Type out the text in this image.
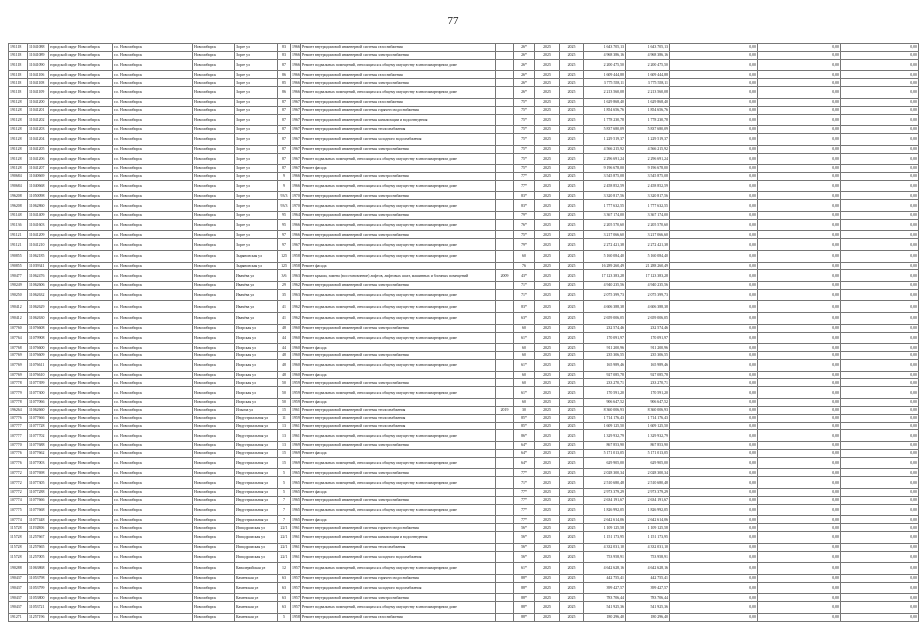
77
191118	11041088	городской округ Новосибирск	г.о. Новосибирск	Новосибирск	Зорге ул	83	1966	Ремонт внутридомовой инженерной системы газоснабжения		26*	2025	2025	1 643 705,13	1 643 705,13	0,00	0,00	0,00
191118	11041089	городской округ Новосибирск	г.о. Новосибирск	Новосибирск	Зорге ул	83	1966	Ремонт внутридомовой инженерной системы электроснабжения		26*	2025	2025	4 968 386,16	4 968 386,16	0,00	0,00	0,00
191118	11041090	городской округ Новосибирск	г.о. Новосибирск	Новосибирск	Зорге ул	87	1966	Ремонт подвальных помещений, относящихся к общему имуществу в многоквартирном доме		26*	2025	2025	2 200 475,50	2 200 475,50	0,00	0,00	0,00
191118	11041106	городской округ Новосибирск	г.о. Новосибирск	Новосибирск	Зорге ул	86	1966	Ремонт внутридомовой инженерной системы газоснабжения		26*	2025	2025	1 609 444,88	1 609 444,88	0,00	0,00	0,00
191118	11041108	городской округ Новосибирск	г.о. Новосибирск	Новосибирск	Зорге ул	85	1966	Ремонт внутридомовой инженерной системы электроснабжения		26*	2025	2025	3 775 558,11	3 775 558,11	0,00	0,00	0,00
191118	11041109	городской округ Новосибирск	г.о. Новосибирск	Новосибирск	Зорге ул	86	1966	Ремонт подвальных помещений, относящихся к общему имуществу в многоквартирном доме		26*	2025	2025	2 213 560,08	2 213 560,08	0,00	0,00	0,00
191128	11041200	городской округ Новосибирск	г.о. Новосибирск	Новосибирск	Зорге ул	87	1967	Ремонт внутридомовой инженерной системы газоснабжения		75*	2025	2025	1 629 868,40	1 629 868,40	0,00	0,00	0,00
191128	11041201	городской округ Новосибирск	г.о. Новосибирск	Новосибирск	Зорге ул	87	1967	Ремонт внутридомовой инженерной системы горячего водоснабжения		75*	2025	2025	1 854 656,76	1 854 656,76	0,00	0,00	0,00
191128	11041202	городской округ Новосибирск	г.о. Новосибирск	Новосибирск	Зорге ул	87	1967	Ремонт внутридомовой инженерной системы канализации и водоотведения		75*	2025	2025	1 778 230,78	1 778 230,78	0,00	0,00	0,00
191128	11041203	городской округ Новосибирск	г.о. Новосибирск	Новосибирск	Зорге ул	87	1967	Ремонт внутридомовой инженерной системы теплоснабжения		75*	2025	2025	5 837 680,09	5 837 680,09	0,00	0,00	0,00
191128	11041204	городской округ Новосибирск	г.о. Новосибирск	Новосибирск	Зорге ул	87	1967	Ремонт внутридомовой инженерной системы холодного водоснабжения		75*	2025	2025	1 229 519,37	1 229 519,37	0,00	0,00	0,00
191128	11041205	городской округ Новосибирск	г.о. Новосибирск	Новосибирск	Зорге ул	87	1967	Ремонт внутридомовой инженерной системы электроснабжения		75*	2025	2025	4 566 215,92	4 566 215,92	0,00	0,00	0,00
191128	11041206	городской округ Новосибирск	г.о. Новосибирск	Новосибирск	Зорге ул	87	1967	Ремонт подвальных помещений, относящихся к общему имуществу в многоквартирном доме		75*	2025	2025	2 296 691,24	2 296 691,24	0,00	0,00	0,00
191128	11041207	городской округ Новосибирск	г.о. Новосибирск	Новосибирск	Зорге ул	87	1967	Ремонт фасада		75*	2025	2025	9 196 678,00	9 196 678,00	0,00	0,00	0,00
190684	11040669	городской округ Новосибирск	г.о. Новосибирск	Новосибирск	Зорге ул	9	1966	Ремонт внутридомовой инженерной системы электроснабжения		77*	2025	2025	3 545 875,08	3 545 875,08	0,00	0,00	0,00
190684	11040668	городской округ Новосибирск	г.о. Новосибирск	Новосибирск	Зорге ул	9	1966	Ремонт подвальных помещений, относящихся к общему имуществу в многоквартирном доме		77*	2025	2025	2 458 852,59	2 458 852,59	0,00	0,00	0,00
196208	11050098	городской округ Новосибирск	г.о. Новосибирск	Новосибирск	Зорге ул	93/3	1970	Ремонт внутридомовой инженерной системы электроснабжения		83*	2025	2025	3 320 817,56	3 320 817,56	0,00	0,00	0,00
196208	11062860	городской округ Новосибирск	г.о. Новосибирск	Новосибирск	Зорге ул	93/3	1970	Ремонт подвальных помещений, относящихся к общему имуществу в многоквартирном доме		83*	2025	2025	1 777 632,55	1 777 632,55	0,00	0,00	0,00
191148	11041409	городской округ Новосибирск	г.о. Новосибирск	Новосибирск	Зорге ул	95	1964	Ремонт внутридомовой инженерной системы электроснабжения		79*	2025	2025	3 367 174,00	3 367 174,00	0,00	0,00	0,00
191136	11041603	городской округ Новосибирск	г.о. Новосибирск	Новосибирск	Зорге ул	95	1966	Ремонт подвальных помещений, относящихся к общему имуществу в многоквартирном доме		76*	2025	2025	2 205 570,60	2 205 570,60	0,00	0,00	0,00
191121	11041209	городской округ Новосибирск	г.о. Новосибирск	Новосибирск	Зорге ул	97	1966	Ремонт внутридомовой инженерной системы электроснабжения		75*	2025	2025	3 217 066,60	3 217 066,60	0,00	0,00	0,00
191121	11041210	городской округ Новосибирск	г.о. Новосибирск	Новосибирск	Зорге ул	97	1967	Ремонт подвальных помещений, относящихся к общему имуществу в многоквартирном доме		79*	2025	2025	2 272 421,38	2 272 421,38	0,00	0,00	0,00
190855	11062185	городской округ Новосибирск	г.о. Новосибирск	Новосибирск	Зыряновская ул	125	1958	Ремонт подвальных помещений, относящихся к общему имуществу в многоквартирном доме		60	2025	2025	5 160 084,40	5 160 084,40	0,00	0,00	0,00
190855	11039341	городской округ Новосибирск	г.о. Новосибирск	Новосибирск	Зыряновская ул	125	1958	Ремонт фасада		76	2025	2025	16 289 260,49	21 288 260,49	0,00	0,00	0,00
190477	11062476	городской округ Новосибирск	г.о. Новосибирск	Новосибирск	Ивачёва ул	3/6	1963	Ремонт крыши, замена (восстановление) лифтов, лифтовых шахт, машинных и блочных помещений	2009	43*	2025	2025	17 123 383,28	17 123 383,28	0,00	0,00	0,00
190249	11062606	городской округ Новосибирск	г.о. Новосибирск	Новосибирск	Ивачёва ул	29	1962	Ремонт внутридомовой инженерной системы электроснабжения		71*	2025	2025	4 940 235,56	4 940 235,56	0,00	0,00	0,00
190250	11062632	городской округ Новосибирск	г.о. Новосибирск	Новосибирск	Ивачёва ул	35	1963	Ремонт подвальных помещений, относящихся к общему имуществу в многоквартирном доме		71*	2025	2025	2 075 399,73	2 075 399,73	0,00	0,00	0,00
190412	11062629	городской округ Новосибирск	г.о. Новосибирск	Новосибирск	Ивачёва ул	41	1962	Ремонт подвальных помещений, относящихся к общему имуществу в многоквартирном доме		83*	2025	2025	4 606 388,38	4 606 388,38	0,00	0,00	0,00
190412	11062630	городской округ Новосибирск	г.о. Новосибирск	Новосибирск	Ивачёва ул	41	1962	Ремонт подвальных помещений, относящихся к общему имуществу в многоквартирном доме		63*	2025	2025	2 659 006,05	2 659 006,05	0,00	0,00	0,00
107760	11076608	городской округ Новосибирск	г.о. Новосибирск	Новосибирск	Игарская ул	48	1960	Ремонт внутридомовой инженерной системы электроснабжения		60	2025	2025	232 574,46	232 574,46	0,00	0,00	0,00
107764	11079908	городской округ Новосибирск	г.о. Новосибирск	Новосибирск	Игарская ул	44	1960	Ремонт подвальных помещений, относящихся к общему имуществу в многоквартирном доме		61*	2025	2025	170 091,97	170 091,97	0,00	0,00	0,00
107768	11076600	городской округ Новосибирск	г.о. Новосибирск	Новосибирск	Игарская ул	44	1960	Ремонт фасада		60	2025	2025	911 200,96	911 200,96	0,00	0,00	0,00
107769	11076609	городской округ Новосибирск	г.о. Новосибирск	Новосибирск	Игарская ул	48	1960	Ремонт внутридомовой инженерной системы электроснабжения		60	2025	2025	235 306,55	235 306,55	0,00	0,00	0,00
107769	11076611	городской округ Новосибирск	г.о. Новосибирск	Новосибирск	Игарская ул	48	1960	Ремонт подвальных помещений, относящихся к общему имуществу в многоквартирном доме		61*	2025	2025	165 989,46	165 989,46	0,00	0,00	0,00
107769	11076610	городской округ Новосибирск	г.о. Новосибирск	Новосибирск	Игарская ул	48	1960	Ремонт фасада		60	2025	2025	927 085,78	927 085,78	0,00	0,00	0,00
107778	11077399	городской округ Новосибирск	г.о. Новосибирск	Новосибирск	Игарская ул	50	1959	Ремонт внутридомовой инженерной системы электроснабжения		60	2025	2025	233 270,71	233 270,71	0,00	0,00	0,00
107779	11077300	городской округ Новосибирск	г.о. Новосибирск	Новосибирск	Игарская ул	50	1959	Ремонт подвальных помещений, относящихся к общему имуществу в многоквартирном доме		61*	2025	2025	170 591,20	170 591,20	0,00	0,00	0,00
107778	11077066	городской округ Новосибирск	г.о. Новосибирск	Новосибирск	Игарская ул	50	1959	Ремонт фасада		60	2025	2025	906 647,52	906 647,52	0,00	0,00	0,00
196264	11062660	городской округ Новосибирск	г.о. Новосибирск	Новосибирск	Ильича ул	15	1961	Ремонт внутридомовой инженерной системы теплоснабжения	2019	30	2025	2025	8 360 006,93	8 360 006,93	0,00	0,00	0,00
107776	11077666	городской округ Новосибирск	г.о. Новосибирск	Новосибирск	Индустриальная ул	11	1959	Ремонт внутридомовой инженерной системы теплоснабжения		85*	2025	2025	1 714 176,43	1 714 176,43	0,00	0,00	0,00
107777	11077728	городской округ Новосибирск	г.о. Новосибирск	Новосибирск	Индустриальная ул	13	1961	Ремонт внутридомовой инженерной системы теплоснабжения		85*	2025	2025	1 609 125,50	1 609 125,50	0,00	0,00	0,00
107777	11077702	городской округ Новосибирск	г.о. Новосибирск	Новосибирск	Индустриальная ул	13	1961	Ремонт подвальных помещений, относящихся к общему имуществу в многоквартирном доме		86*	2025	2025	1 329 932,79	1 329 932,79	0,00	0,00	0,00
107770	11077688	городской округ Новосибирск	г.о. Новосибирск	Новосибирск	Индустриальная ул	13	1969	Ремонт внутридомовой инженерной системы электроснабжения		64*	2025	2025	867 853,90	867 853,90	0,00	0,00	0,00
107776	11077662	городской округ Новосибирск	г.о. Новосибирск	Новосибирск	Индустриальная ул	15	1969	Ремонт фасада		64*	2025	2025	5 171 013,05	5 171 013,05	0,00	0,00	0,00
107776	11077003	городской округ Новосибирск	г.о. Новосибирск	Новосибирск	Индустриальная ул	15	1969	Ремонт подвальных помещений, относящихся к общему имуществу в многоквартирном доме		64*	2025	2025	629 905,00	629 905,00	0,00	0,00	0,00
107772	11077698	городской округ Новосибирск	г.о. Новосибирск	Новосибирск	Индустриальная ул	5	1965	Ремонт внутридомовой инженерной системы электроснабжения		77*	2025	2025	2 028 300,34	2 028 300,34	0,00	0,00	0,00
107772	11077305	городской округ Новосибирск	г.о. Новосибирск	Новосибирск	Индустриальная ул	5	1965	Ремонт подвальных помещений, относящихся к общему имуществу в многоквартирном доме		71*	2025	2025	2 510 680,48	2 510 680,48	0,00	0,00	0,00
107772	11077288	городской округ Новосибирск	г.о. Новосибирск	Новосибирск	Индустриальная ул	5	1965	Ремонт фасада		77*	2025	2025	2 973 379,29	2 973 379,29	0,00	0,00	0,00
107774	11077666	городской округ Новосибирск	г.о. Новосибирск	Новосибирск	Индустриальная ул	7	1965	Ремонт внутридомовой инженерной системы электроснабжения		77*	2025	2025	2 634 191,67	2 634 191,67	0,00	0,00	0,00
107775	11077668	городской округ Новосибирск	г.о. Новосибирск	Новосибирск	Индустриальная ул	7	1965	Ремонт подвальных помещений, относящихся к общему имуществу в многоквартирном доме		77*	2025	2025	1 826 992,05	1 826 992,05	0,00	0,00	0,00
107774	11077448	городской округ Новосибирск	г.о. Новосибирск	Новосибирск	Индустриальная ул	7	1965	Ремонт фасада		77*	2025	2025	2 642 614,06	2 642 614,06	0,00	0,00	0,00
115728	11192806	городской округ Новосибирск	г.о. Новосибирск	Новосибирск	Ипподромская ул	22/1	1961	Ремонт внутридомовой инженерной системы горячего водоснабжения		56*	2025	2025	1 109 125,58	1 109 125,58	0,00	0,00	0,00
115728	11257667	городской округ Новосибирск	г.о. Новосибирск	Новосибирск	Ипподромская ул	22/1	1961	Ремонт внутридомовой инженерной системы канализации и водоотведения		56*	2025	2025	1 151 173,95	1 151 173,95	0,00	0,00	0,00
115728	11257665	городской округ Новосибирск	г.о. Новосибирск	Новосибирск	Ипподромская ул	22/1	1961	Ремонт внутридомовой инженерной системы теплоснабжения		56*	2025	2025	4 332 031,10	4 332 031,10	0,00	0,00	0,00
115728	11257005	городской округ Новосибирск	г.о. Новосибирск	Новосибирск	Ипподромская ул	22/1	1961	Ремонт внутридомовой инженерной системы холодного водоснабжения		56*	2025	2025	753 958,91	753 958,91	0,00	0,00	0,00
190288	11063868	городской округ Новосибирск	г.о. Новосибирск	Новосибирск	Кавалерийская ул	12	1957	Ремонт подвальных помещений, относящихся к общему имуществу в многоквартирном доме		61*	2025	2025	4 642 628,16	4 642 628,16	0,00	0,00	0,00
190437	11053798	городской округ Новосибирск	г.о. Новосибирск	Новосибирск	Каменская ул	63	1957	Ремонт внутридомовой инженерной системы горячего водоснабжения		88*	2025	2025	442 755,41	442 755,41	0,00	0,00	0,00
190437	11053799	городской округ Новосибирск	г.о. Новосибирск	Новосибирск	Каменская ул	63	1957	Ремонт внутридомовой инженерной системы холодного водоснабжения		88*	2025	2025	399 427,57	399 427,57	0,00	0,00	0,00
190437	11053800	городской округ Новосибирск	г.о. Новосибирск	Новосибирск	Каменская ул	63	1957	Ремонт внутридомовой инженерной системы электроснабжения		88*	2025	2025	783 706,44	783 706,44	0,00	0,00	0,00
190437	11053721	городской округ Новосибирск	г.о. Новосибирск	Новосибирск	Каменская ул	63	1957	Ремонт подвальных помещений, относящихся к общему имуществу в многоквартирном доме		88*	2025	2025	541 925,36	541 925,36	0,00	0,00	0,00
191271	11257196	городской округ Новосибирск	г.о. Новосибирск	Новосибирск	Каменская ул	5	1958	Ремонт внутридомовой инженерной системы газоснабжения		88*	2025	2025	180 296,40	180 296,40	0,00	0,00	0,00
